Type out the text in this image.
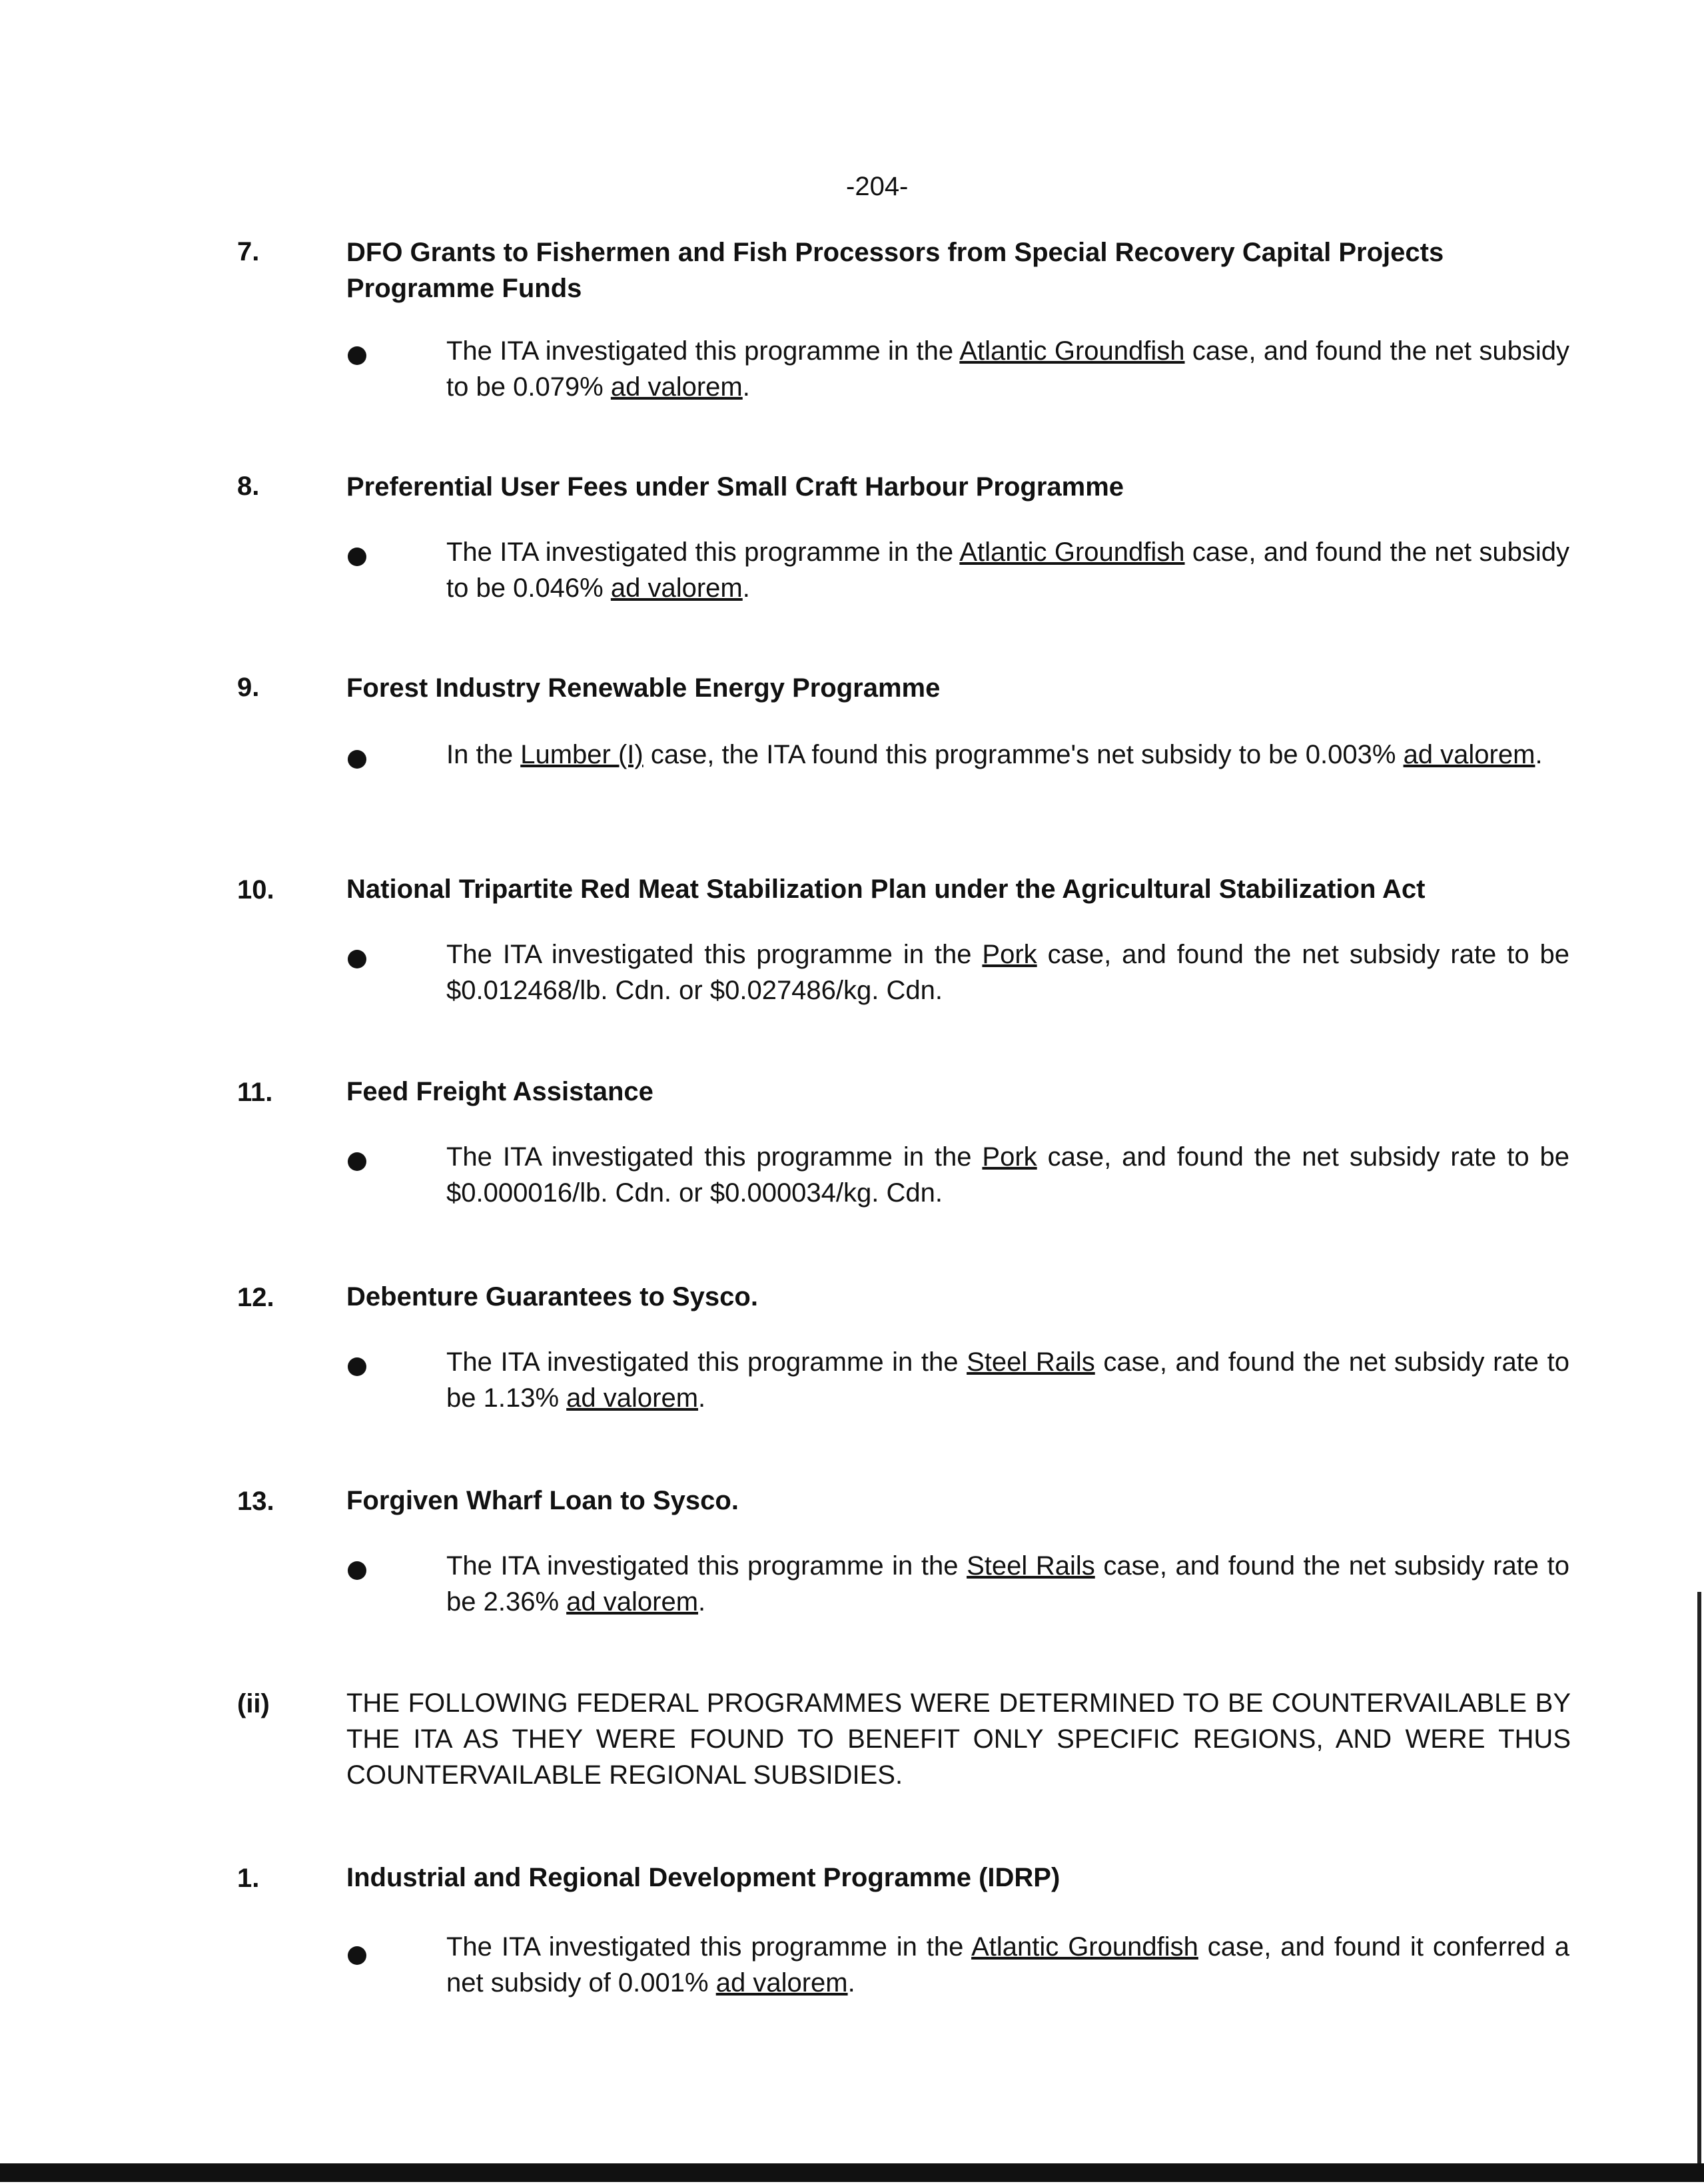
-204-
7.	DFO Grants to Fishermen and Fish Processors from Special Recovery Capital Projects Programme Funds
The ITA investigated this programme in the Atlantic Groundfish case, and found the net subsidy to be 0.079% ad valorem.
8.	Preferential User Fees under Small Craft Harbour Programme
The ITA investigated this programme in the Atlantic Groundfish case, and found the net subsidy to be 0.046% ad valorem.
9.	Forest Industry Renewable Energy Programme
In the Lumber (I) case, the ITA found this programme's net subsidy to be 0.003% ad valorem.
10.	National Tripartite Red Meat Stabilization Plan under the Agricultural Stabilization Act
The ITA investigated this programme in the Pork case, and found the net subsidy rate to be $0.012468/lb. Cdn. or $0.027486/kg. Cdn.
11.	Feed Freight Assistance
The ITA investigated this programme in the Pork case, and found the net subsidy rate to be $0.000016/lb. Cdn. or $0.000034/kg. Cdn.
12.	Debenture Guarantees to Sysco.
The ITA investigated this programme in the Steel Rails case, and found the net subsidy rate to be 1.13% ad valorem.
13.	Forgiven Wharf Loan to Sysco.
The ITA investigated this programme in the Steel Rails case, and found the net subsidy rate to be 2.36% ad valorem.
(ii)	THE FOLLOWING FEDERAL PROGRAMMES WERE DETERMINED TO BE COUNTERVAILABLE BY THE ITA AS THEY WERE FOUND TO BENEFIT ONLY SPECIFIC REGIONS, AND WERE THUS COUNTERVAILABLE REGIONAL SUBSIDIES.
1.	Industrial and Regional Development Programme (IDRP)
The ITA investigated this programme in the Atlantic Groundfish case, and found it conferred a net subsidy of 0.001% ad valorem.
